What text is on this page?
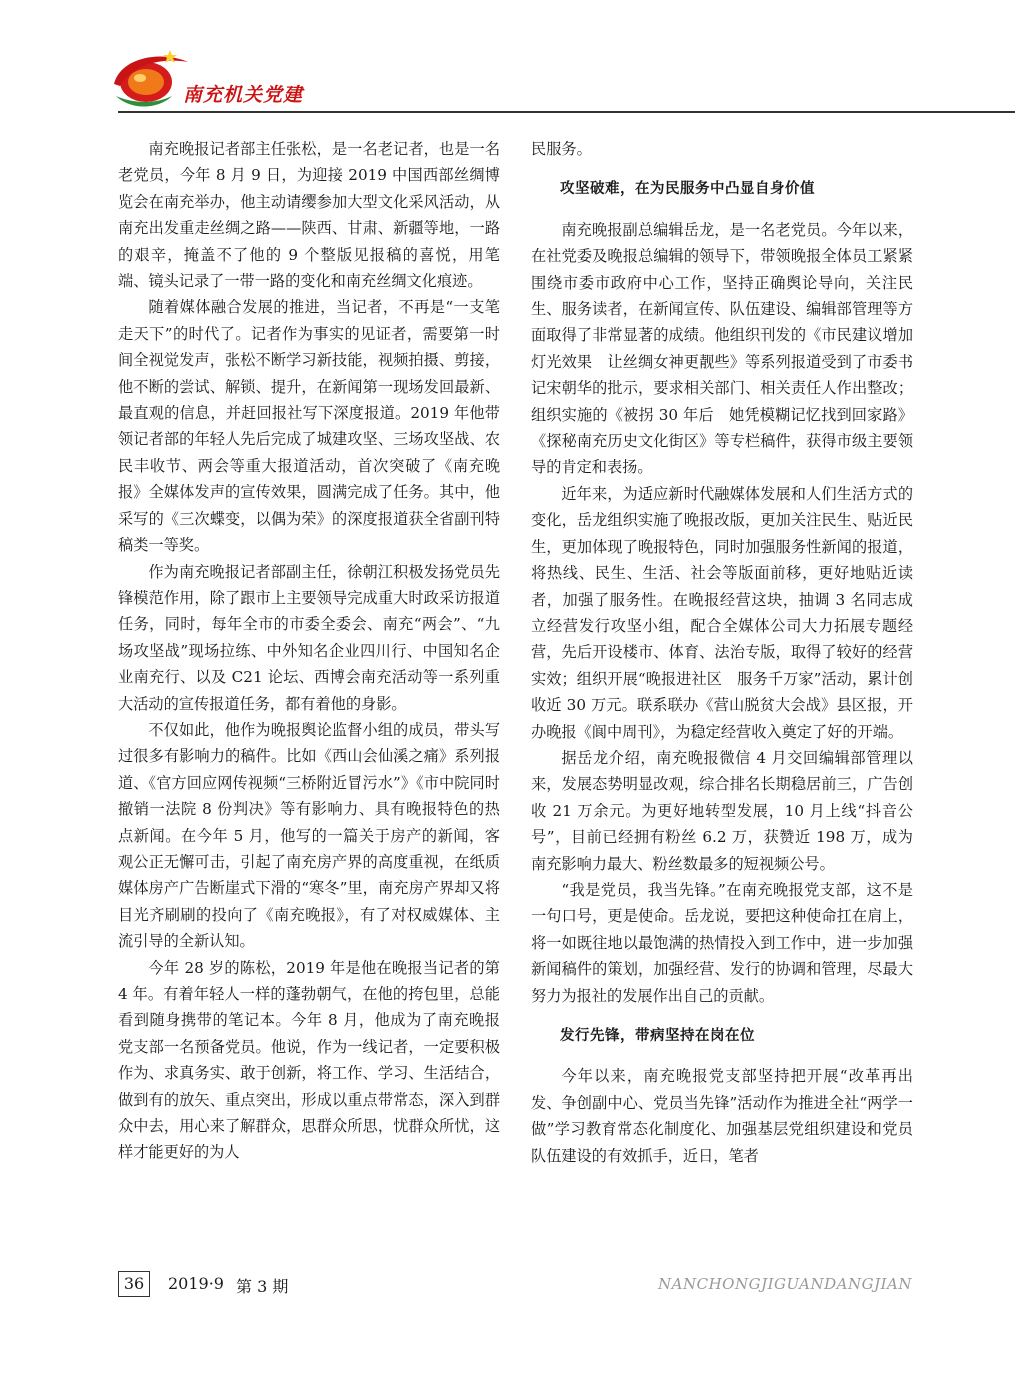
南充机关党建

南充晚报记者部主任张松，是一名老记者，也是一名老党员，今年 8 月 9 日，为迎接 2019 中国西部丝绸博览会在南充举办，他主动请缨参加大型文化采风活动，从南充出发重走丝绸之路——陕西、甘肃、新疆等地，一路的艰辛，掩盖不了他的 9 个整版见报稿的喜悦，用笔端、镜头记录了一带一路的变化和南充丝绸文化痕迹。

随着媒体融合发展的推进，当记者，不再是“一支笔走天下”的时代了。记者作为事实的见证者，需要第一时间全视觉发声，张松不断学习新技能，视频拍摄、剪接，他不断的尝试、解锁、提升，在新闻第一现场发回最新、最直观的信息，并赶回报社写下深度报道。2019 年他带领记者部的年轻人先后完成了城建攻坚、三场攻坚战、农民丰收节、两会等重大报道活动，首次突破了《南充晚报》全媒体发声的宣传效果，圆满完成了任务。其中，他采写的《三次蝶变，以偶为荣》的深度报道获全省副刊特稿类一等奖。

作为南充晚报记者部副主任，徐朝江积极发扬党员先锋模范作用，除了跟市上主要领导完成重大时政采访报道任务，同时，每年全市的市委全委会、南充“两会”、“九场攻坚战”现场拉练、中外知名企业四川行、中国知名企业南充行、以及 C21 论坛、西博会南充活动等一系列重大活动的宣传报道任务，都有着他的身影。

不仅如此，他作为晚报舆论监督小组的成员，带头写过很多有影响力的稿件。比如《西山会仙溪之痛》系列报道、《官方回应网传视频“三桥附近冒污水”》《市中院同时撤销一法院 8 份判决》等有影响力、具有晚报特色的热点新闻。在今年 5 月，他写的一篇关于房产的新闻，客观公正无懈可击，引起了南充房产界的高度重视，在纸质媒体房产广告断崖式下滑的“寒冬”里，南充房产界却又将目光齐刷刷的投向了《南充晚报》，有了对权威媒体、主流引导的全新认知。

今年 28 岁的陈松，2019 年是他在晚报当记者的第 4 年。有着年轻人一样的蓬勃朝气，在他的挎包里，总能看到随身携带的笔记本。今年 8 月，他成为了南充晚报党支部一名预备党员。他说，作为一线记者，一定要积极作为、求真务实、敢于创新，将工作、学习、生活结合，做到有的放矢、重点突出，形成以重点带常态，深入到群众中去，用心来了解群众，思群众所思，忧群众所忧，这样才能更好的为人

民服务。

攻坚破难，在为民服务中凸显自身价值

南充晚报副总编辑岳龙，是一名老党员。今年以来，在社党委及晚报总编辑的领导下，带领晚报全体员工紧紧围绕市委市政府中心工作，坚持正确舆论导向，关注民生、服务读者，在新闻宣传、队伍建设、编辑部管理等方面取得了非常显著的成绩。他组织刊发的《市民建议增加灯光效果　让丝绸女神更靓些》等系列报道受到了市委书记宋朝华的批示，要求相关部门、相关责任人作出整改；组织实施的《被拐 30 年后　她凭模糊记忆找到回家路》《探秘南充历史文化街区》等专栏稿件，获得市级主要领导的肯定和表扬。

近年来，为适应新时代融媒体发展和人们生活方式的变化，岳龙组织实施了晚报改版，更加关注民生、贴近民生，更加体现了晚报特色，同时加强服务性新闻的报道，将热线、民生、生活、社会等版面前移，更好地贴近读者，加强了服务性。在晚报经营这块，抽调 3 名同志成立经营发行攻坚小组，配合全媒体公司大力拓展专题经营，先后开设楼市、体育、法治专版，取得了较好的经营实效；组织开展“晚报进社区　服务千万家”活动，累计创收近 30 万元。联系联办《营山脱贫大会战》县区报，开办晚报《阆中周刊》，为稳定经营收入奠定了好的开端。

据岳龙介绍，南充晚报微信 4 月交回编辑部管理以来，发展态势明显改观，综合排名长期稳居前三，广告创收 21 万余元。为更好地转型发展，10 月上线“抖音公号”，目前已经拥有粉丝 6.2 万，获赞近 198 万，成为南充影响力最大、粉丝数最多的短视频公号。

“我是党员，我当先锋。”在南充晚报党支部，这不是一句口号，更是使命。岳龙说，要把这种使命扛在肩上，将一如既往地以最饱满的热情投入到工作中，进一步加强新闻稿件的策划，加强经营、发行的协调和管理，尽最大努力为报社的发展作出自己的贡献。

发行先锋，带病坚持在岗在位

今年以来，南充晚报党支部坚持把开展“改革再出发、争创副中心、党员当先锋”活动作为推进全社“两学一做”学习教育常态化制度化、加强基层党组织建设和党员队伍建设的有效抓手，近日，笔者

36	2019·9 第 3 期	NANCHONGJIGUANDANGJIAN
